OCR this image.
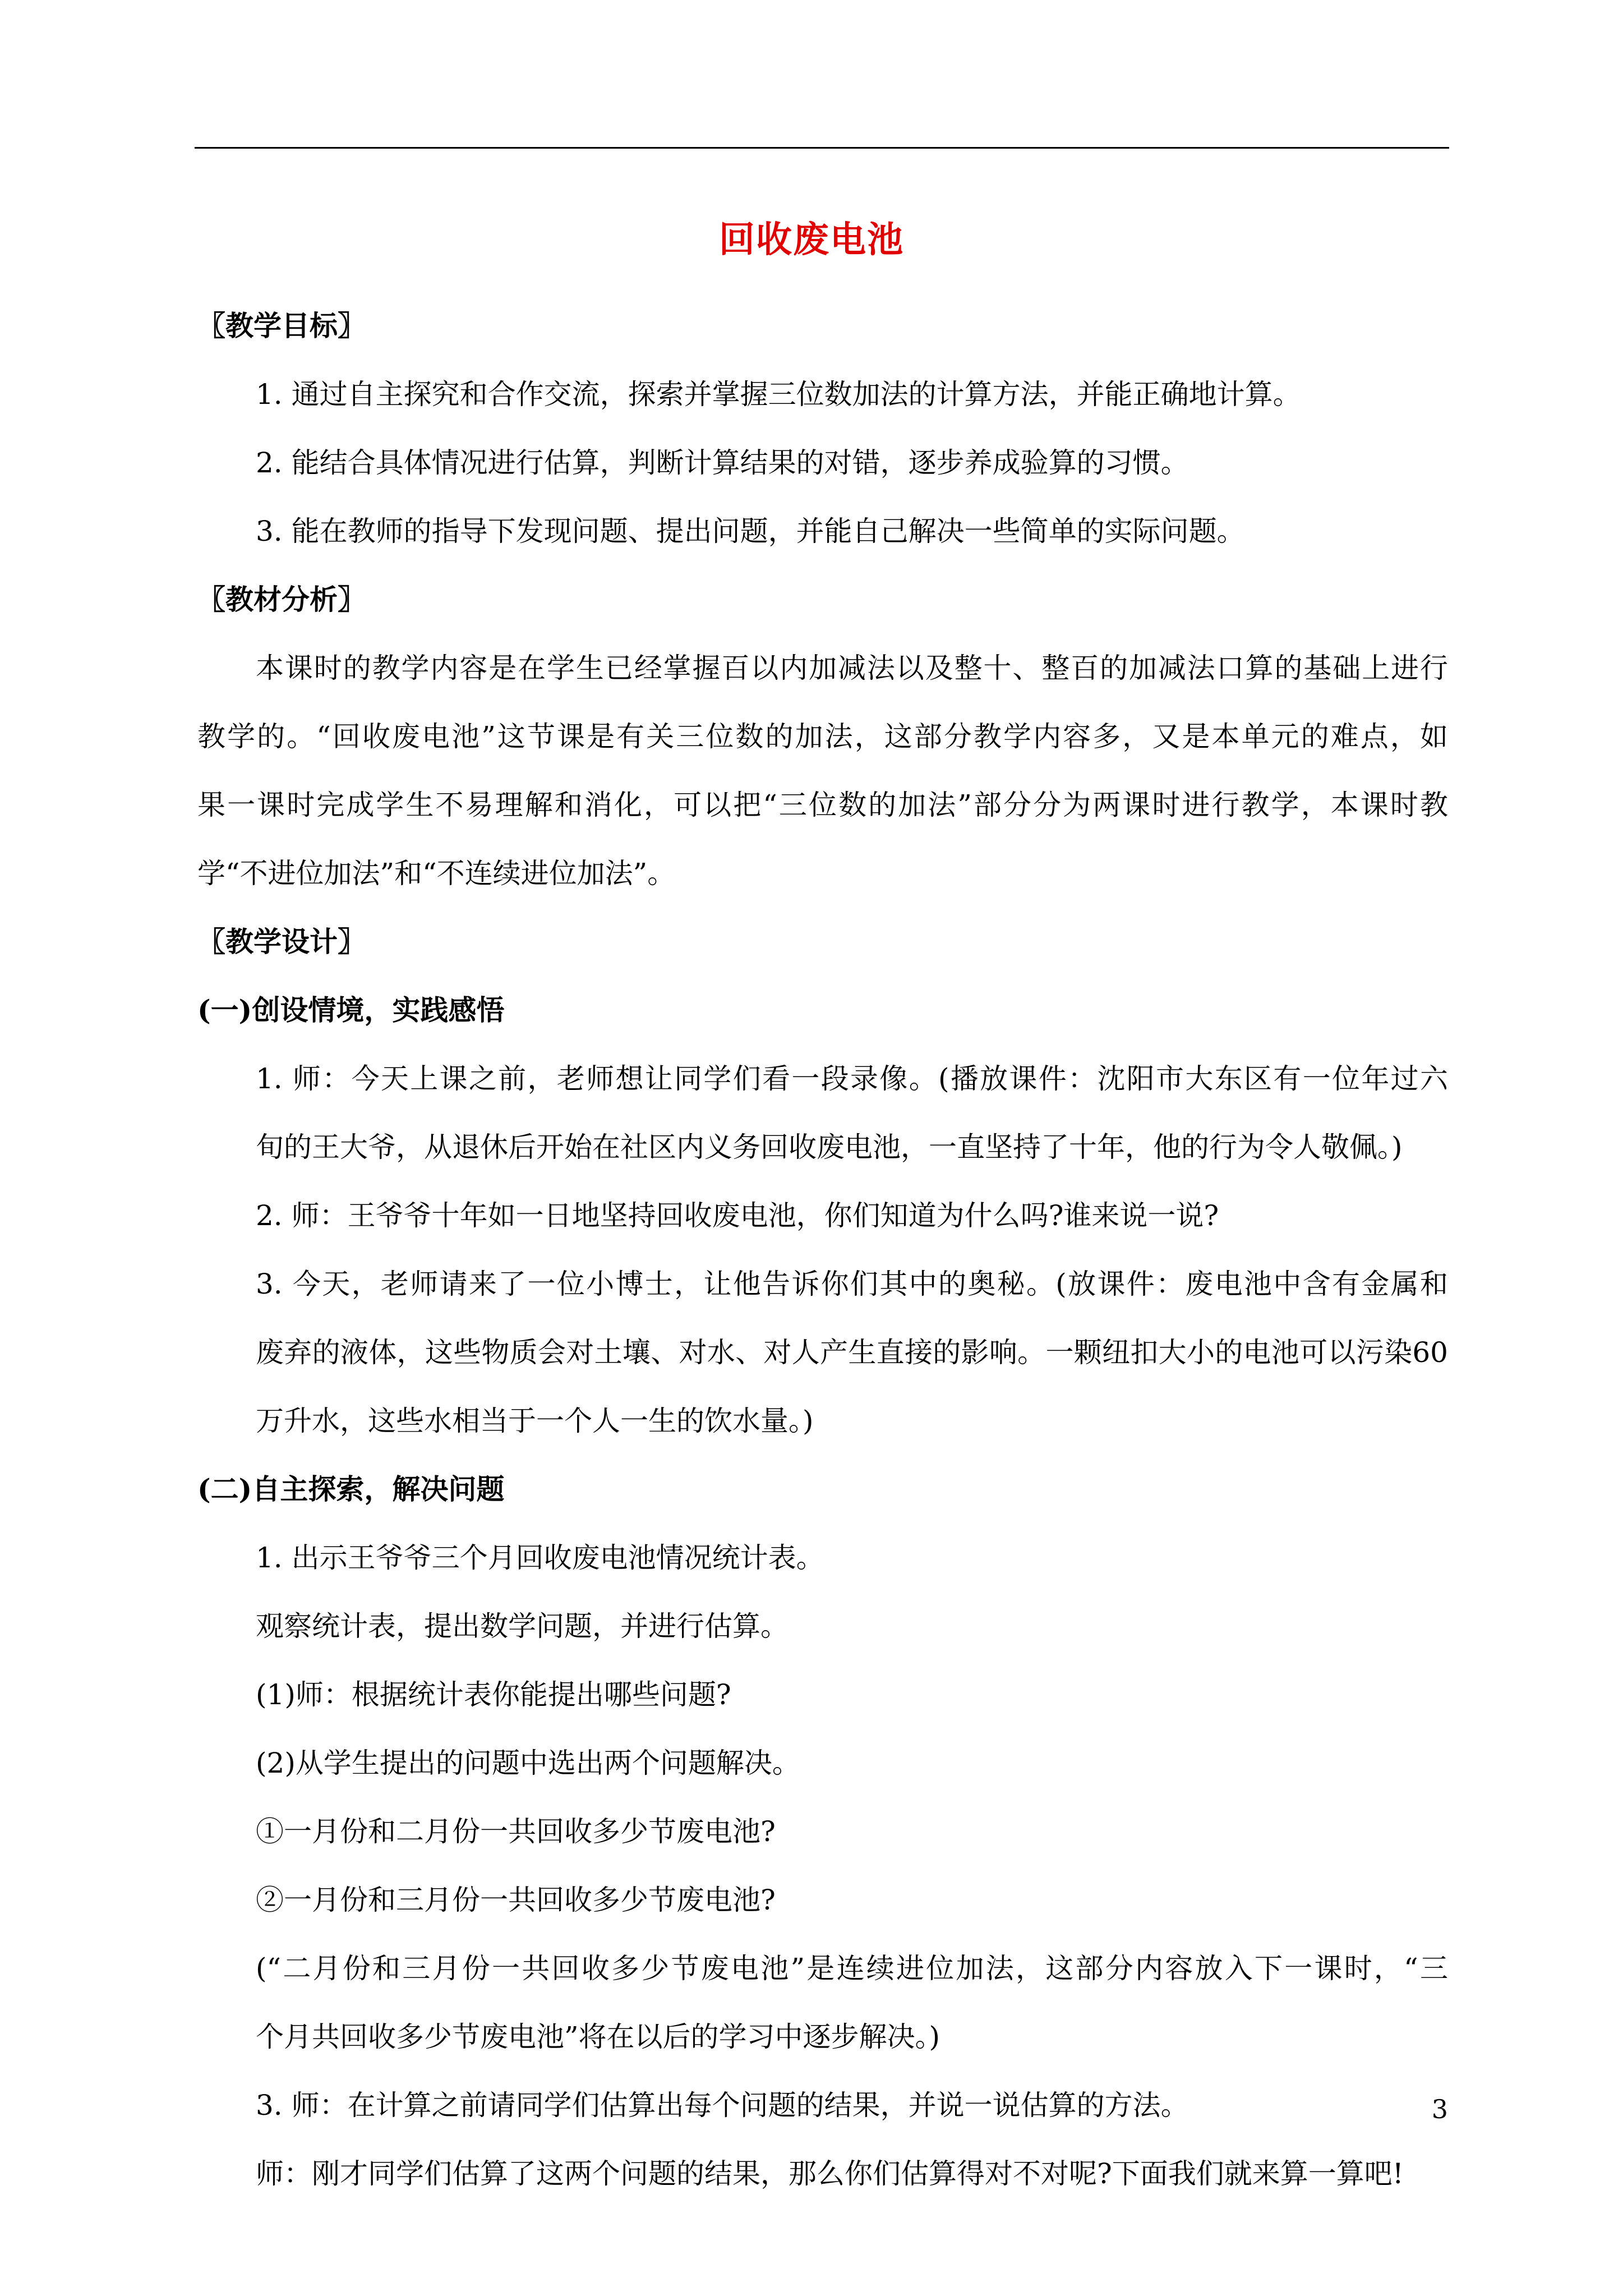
回收废电池
〖教学目标〗
1. 通过自主探究和合作交流，探索并掌握三位数加法的计算方法，并能正确地计算。
2. 能结合具体情况进行估算，判断计算结果的对错，逐步养成验算的习惯。
3. 能在教师的指导下发现问题、提出问题，并能自己解决一些简单的实际问题。
〖教材分析〗
本课时的教学内容是在学生已经掌握百以内加减法以及整十、整百的加减法口算的基础上进行
教学的。“回收废电池”这节课是有关三位数的加法，这部分教学内容多，又是本单元的难点，如
果一课时完成学生不易理解和消化，可以把“三位数的加法”部分分为两课时进行教学，本课时教
学“不进位加法”和“不连续进位加法”。
〖教学设计〗
(一)创设情境，实践感悟
1. 师：今天上课之前，老师想让同学们看一段录像。(播放课件：沈阳市大东区有一位年过六
旬的王大爷，从退休后开始在社区内义务回收废电池，一直坚持了十年，他的行为令人敬佩。)
2. 师：王爷爷十年如一日地坚持回收废电池，你们知道为什么吗?谁来说一说?
3. 今天，老师请来了一位小博士，让他告诉你们其中的奥秘。(放课件：废电池中含有金属和
废弃的液体，这些物质会对土壤、对水、对人产生直接的影响。一颗纽扣大小的电池可以污染60
万升水，这些水相当于一个人一生的饮水量。)
(二)自主探索，解决问题
1. 出示王爷爷三个月回收废电池情况统计表。
观察统计表，提出数学问题，并进行估算。
(1)师：根据统计表你能提出哪些问题?
(2)从学生提出的问题中选出两个问题解决。
①一月份和二月份一共回收多少节废电池?
②一月份和三月份一共回收多少节废电池?
(“二月份和三月份一共回收多少节废电池”是连续进位加法，这部分内容放入下一课时，“三
个月共回收多少节废电池”将在以后的学习中逐步解决。)
3. 师：在计算之前请同学们估算出每个问题的结果，并说一说估算的方法。
师：刚才同学们估算了这两个问题的结果，那么你们估算得对不对呢?下面我们就来算一算吧!
3
